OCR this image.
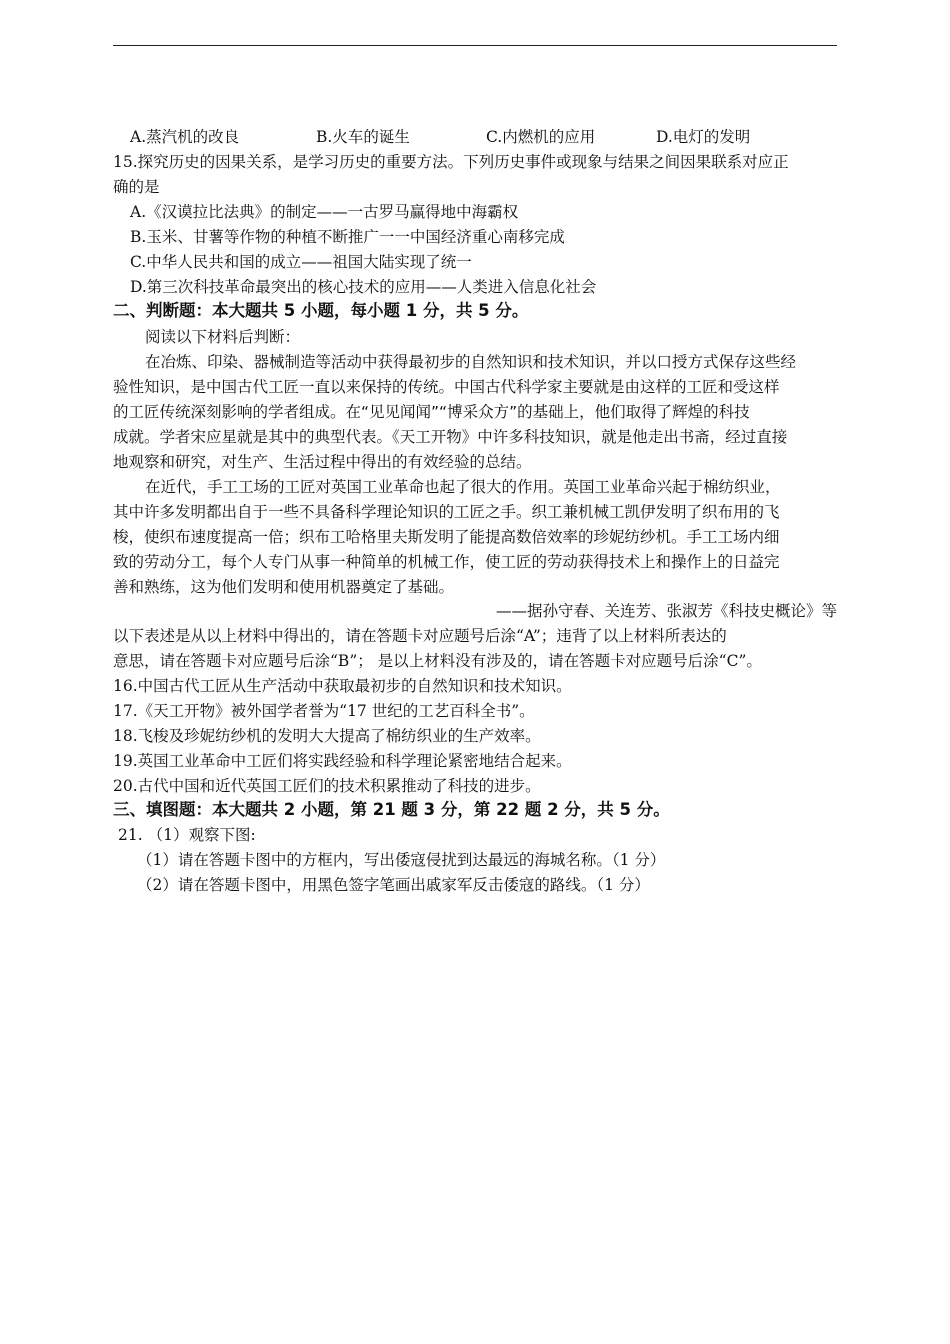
A.蒸汽机的改良	B.火车的诞生	C.内燃机的应用	D.电灯的发明
15.探究历史的因果关系，是学习历史的重要方法。下列历史事件或现象与结果之间因果联系对应正
确的是
A.《汉谟拉比法典》的制定——一古罗马赢得地中海霸权
B.玉米、甘薯等作物的种植不断推广一一中国经济重心南移完成
C.中华人民共和国的成立——祖国大陆实现了统一
D.第三次科技革命最突出的核心技术的应用——人类进入信息化社会
二、判断题：本大题共 5 小题，每小题 1 分，共 5 分。
阅读以下材料后判断：
在冶炼、印染、器械制造等活动中获得最初步的自然知识和技术知识，并以口授方式保存这些经
验性知识，是中国古代工匠一直以来保持的传统。中国古代科学家主要就是由这样的工匠和受这样
的工匠传统深刻影响的学者组成。在“见见闻闻”“博采众方”的基础上，他们取得了辉煌的科技
成就。学者宋应星就是其中的典型代表。《天工开物》中许多科技知识，就是他走出书斋，经过直接
地观察和研究，对生产、生活过程中得出的有效经验的总结。
在近代，手工工场的工匠对英国工业革命也起了很大的作用。英国工业革命兴起于棉纺织业，
其中许多发明都出自于一些不具备科学理论知识的工匠之手。织工兼机械工凯伊发明了织布用的飞
梭，使织布速度提高一倍；织布工哈格里夫斯发明了能提高数倍效率的珍妮纺纱机。手工工场内细
致的劳动分工，每个人专门从事一种简单的机械工作，使工匠的劳动获得技术上和操作上的日益完
善和熟练，这为他们发明和使用机器奠定了基础。
——据孙守春、关连芳、张淑芳《科技史概论》等
以下表述是从以上材料中得出的，请在答题卡对应题号后涂“A”；违背了以上材料所表达的
意思，请在答题卡对应题号后涂“B”； 是以上材料没有涉及的，请在答题卡对应题号后涂“C”。
16.中国古代工匠从生产活动中获取最初步的自然知识和技术知识。
17.《天工开物》被外国学者誉为“17 世纪的工艺百科全书”。
18.飞梭及珍妮纺纱机的发明大大提高了棉纺织业的生产效率。
19.英国工业革命中工匠们将实践经验和科学理论紧密地结合起来。
20.古代中国和近代英国工匠们的技术积累推动了科技的进步。
三、填图题：本大题共 2 小题，第 21 题 3 分，第 22 题 2 分，共 5 分。
21. （1）观察下图:
（1）请在答题卡图中的方框内，写出倭寇侵扰到达最远的海城名称。（1 分）
（2）请在答题卡图中，用黑色签字笔画出戚家军反击倭寇的路线。（1 分）
